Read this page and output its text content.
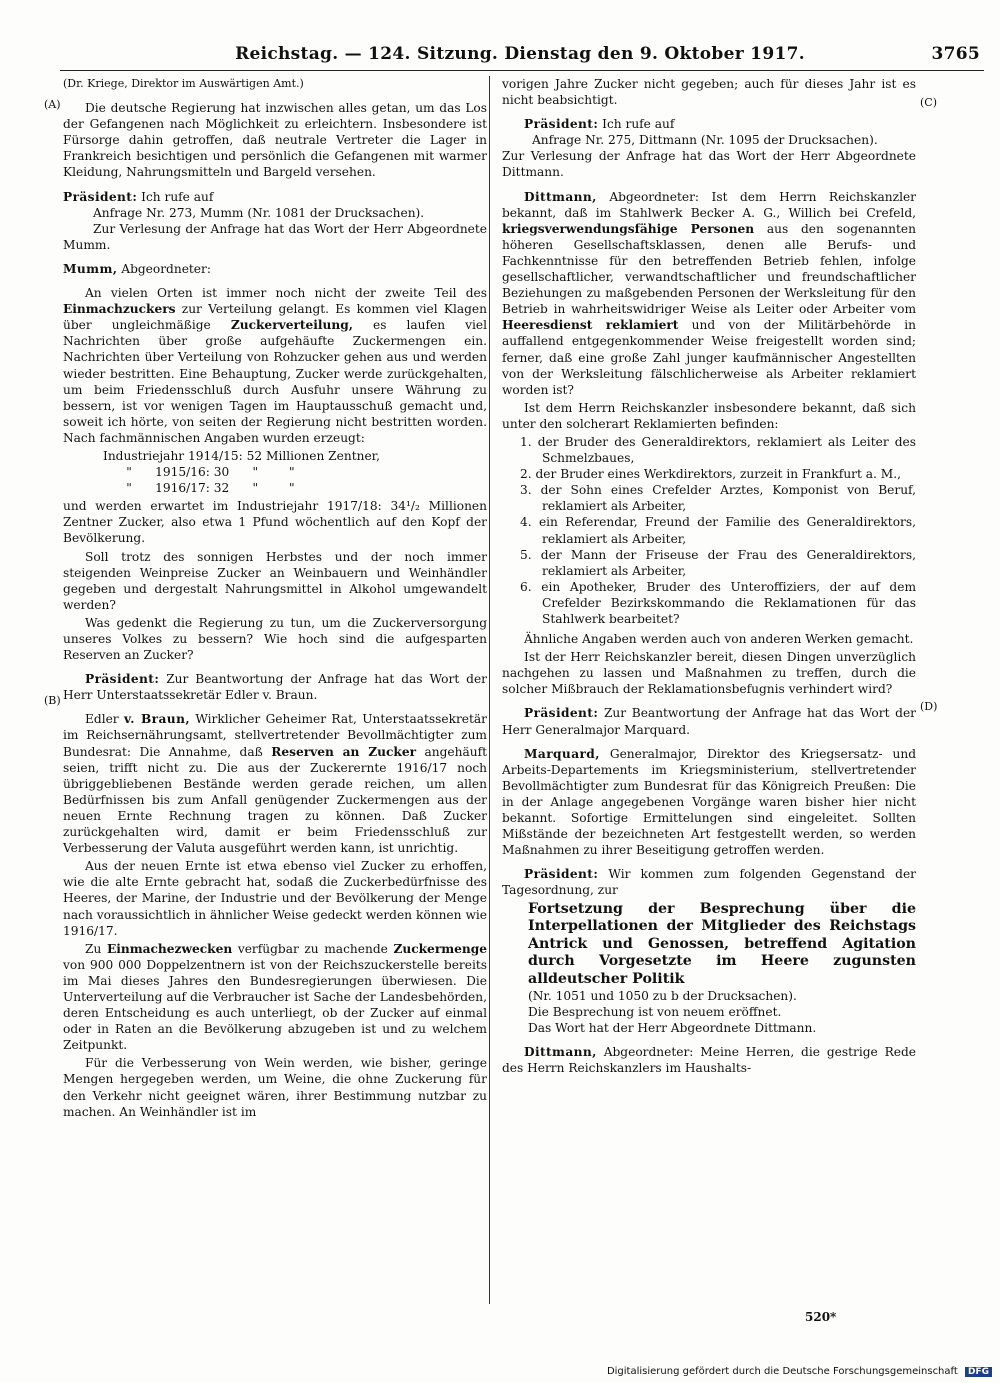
Reichstag. — 124. Sitzung. Dienstag den 9. Oktober 1917.	3765
(A)
(B)
(C)
(D)

(Dr. Kriege, Direktor im Auswärtigen Amt.)

Die deutsche Regierung hat inzwischen alles getan, um das Los der Gefangenen nach Möglichkeit zu erleichtern. Insbesondere ist Fürsorge dahin getroffen, daß neutrale Vertreter die Lager in Frankreich besichtigen und persönlich die Gefangenen mit warmer Kleidung, Nahrungsmitteln und Bargeld versehen.

Präsident: Ich rufe auf
Anfrage Nr. 273, Mumm (Nr. 1081 der Drucksachen).
Zur Verlesung der Anfrage hat das Wort der Herr Abgeordnete Mumm.

Mumm, Abgeordneter:

An vielen Orten ist immer noch nicht der zweite Teil des Einmachzuckers zur Verteilung gelangt. Es kommen viel Klagen über ungleichmäßige Zuckerverteilung, es laufen viel Nachrichten über große aufgehäufte Zuckermengen ein. Nachrichten über Verteilung von Rohzucker gehen aus und werden wieder bestritten. Eine Behauptung, Zucker werde zurückgehalten, um beim Friedensschluß durch Ausfuhr unsere Währung zu bessern, ist vor wenigen Tagen im Hauptausschuß gemacht und, soweit ich hörte, von seiten der Regierung nicht bestritten worden. Nach fachmännischen Angaben wurden erzeugt:

Industriejahr 1914/15: 52 Millionen Zentner,
"      1915/16: 30      "        "
"      1916/17: 32      "        "

und werden erwartet im Industriejahr 1917/18: 34¹/₂ Millionen Zentner Zucker, also etwa 1 Pfund wöchentlich auf den Kopf der Bevölkerung.

Soll trotz des sonnigen Herbstes und der noch immer steigenden Weinpreise Zucker an Weinbauern und Weinhändler gegeben und dergestalt Nahrungsmittel in Alkohol umgewandelt werden?

Was gedenkt die Regierung zu tun, um die Zuckerversorgung unseres Volkes zu bessern? Wie hoch sind die aufgesparten Reserven an Zucker?

Präsident: Zur Beantwortung der Anfrage hat das Wort der Herr Unterstaatssekretär Edler v. Braun.

Edler v. Braun, Wirklicher Geheimer Rat, Unterstaatssekretär im Reichsernährungsamt, stellvertretender Bevollmächtigter zum Bundesrat: Die Annahme, daß Reserven an Zucker angehäuft seien, trifft nicht zu. Die aus der Zuckerernte 1916/17 noch übriggebliebenen Bestände werden gerade reichen, um allen Bedürfnissen bis zum Anfall genügender Zuckermengen aus der neuen Ernte Rechnung tragen zu können. Daß Zucker zurückgehalten wird, damit er beim Friedensschluß zur Verbesserung der Valuta ausgeführt werden kann, ist unrichtig.

Aus der neuen Ernte ist etwa ebenso viel Zucker zu erhoffen, wie die alte Ernte gebracht hat, sodaß die Zuckerbedürfnisse des Heeres, der Marine, der Industrie und der Bevölkerung der Menge nach voraussichtlich in ähnlicher Weise gedeckt werden können wie 1916/17.

Zu Einmachezwecken verfügbar zu machende Zuckermenge von 900 000 Doppelzentnern ist von der Reichszuckerstelle bereits im Mai dieses Jahres den Bundesregierungen überwiesen. Die Unterverteilung auf die Verbraucher ist Sache der Landesbehörden, deren Entscheidung es auch unterliegt, ob der Zucker auf einmal oder in Raten an die Bevölkerung abzugeben ist und zu welchem Zeitpunkt.

Für die Verbesserung von Wein werden, wie bisher, geringe Mengen hergegeben werden, um Weine, die ohne Zuckerung für den Verkehr nicht geeignet wären, ihrer Bestimmung nutzbar zu machen. An Weinhändler ist im

vorigen Jahre Zucker nicht gegeben; auch für dieses Jahr ist es nicht beabsichtigt.

Präsident: Ich rufe auf
Anfrage Nr. 275, Dittmann (Nr. 1095 der Drucksachen).
Zur Verlesung der Anfrage hat das Wort der Herr Abgeordnete Dittmann.

Dittmann, Abgeordneter: Ist dem Herrn Reichskanzler bekannt, daß im Stahlwerk Becker A. G., Willich bei Crefeld, kriegsverwendungsfähige Personen aus den sogenannten höheren Gesellschaftsklassen, denen alle Berufs- und Fachkenntnisse für den betreffenden Betrieb fehlen, infolge gesellschaftlicher, verwandtschaftlicher und freundschaftlicher Beziehungen zu maßgebenden Personen der Werksleitung für den Betrieb in wahrheitswidriger Weise als Leiter oder Arbeiter vom Heeresdienst reklamiert und von der Militärbehörde in auffallend entgegenkommender Weise freigestellt worden sind; ferner, daß eine große Zahl junger kaufmännischer Angestellten von der Werksleitung fälschlicherweise als Arbeiter reklamiert worden ist?

Ist dem Herrn Reichskanzler insbesondere bekannt, daß sich unter den solcherart Reklamierten befinden:

1. der Bruder des Generaldirektors, reklamiert als Leiter des Schmelzbaues,
2. der Bruder eines Werkdirektors, zurzeit in Frankfurt a. M.,
3. der Sohn eines Crefelder Arztes, Komponist von Beruf, reklamiert als Arbeiter,
4. ein Referendar, Freund der Familie des Generaldirektors, reklamiert als Arbeiter,
5. der Mann der Friseuse der Frau des Generaldirektors, reklamiert als Arbeiter,
6. ein Apotheker, Bruder des Unteroffiziers, der auf dem Crefelder Bezirkskommando die Reklamationen für das Stahlwerk bearbeitet?

Ähnliche Angaben werden auch von anderen Werken gemacht.

Ist der Herr Reichskanzler bereit, diesen Dingen unverzüglich nachgehen zu lassen und Maßnahmen zu treffen, durch die solcher Mißbrauch der Reklamationsbefugnis verhindert wird?

Präsident: Zur Beantwortung der Anfrage hat das Wort der Herr Generalmajor Marquard.

Marquard, Generalmajor, Direktor des Kriegsersatz- und Arbeits-Departements im Kriegsministerium, stellvertretender Bevollmächtigter zum Bundesrat für das Königreich Preußen: Die in der Anlage angegebenen Vorgänge waren bisher hier nicht bekannt. Sofortige Ermittelungen sind eingeleitet. Sollten Mißstände der bezeichneten Art festgestellt werden, so werden Maßnahmen zu ihrer Beseitigung getroffen werden.

Präsident: Wir kommen zum folgenden Gegenstand der Tagesordnung, zur

Fortsetzung der Besprechung über die Interpellationen der Mitglieder des Reichstags Antrick und Genossen, betreffend Agitation durch Vorgesetzte im Heere zugunsten alldeutscher Politik

(Nr. 1051 und 1050 zu b der Drucksachen).

Die Besprechung ist von neuem eröffnet.

Das Wort hat der Herr Abgeordnete Dittmann.

Dittmann, Abgeordneter: Meine Herren, die gestrige Rede des Herrn Reichskanzlers im Haushalts-

520*
Digitalisierung gefördert durch die Deutsche Forschungsgemeinschaft DFG
